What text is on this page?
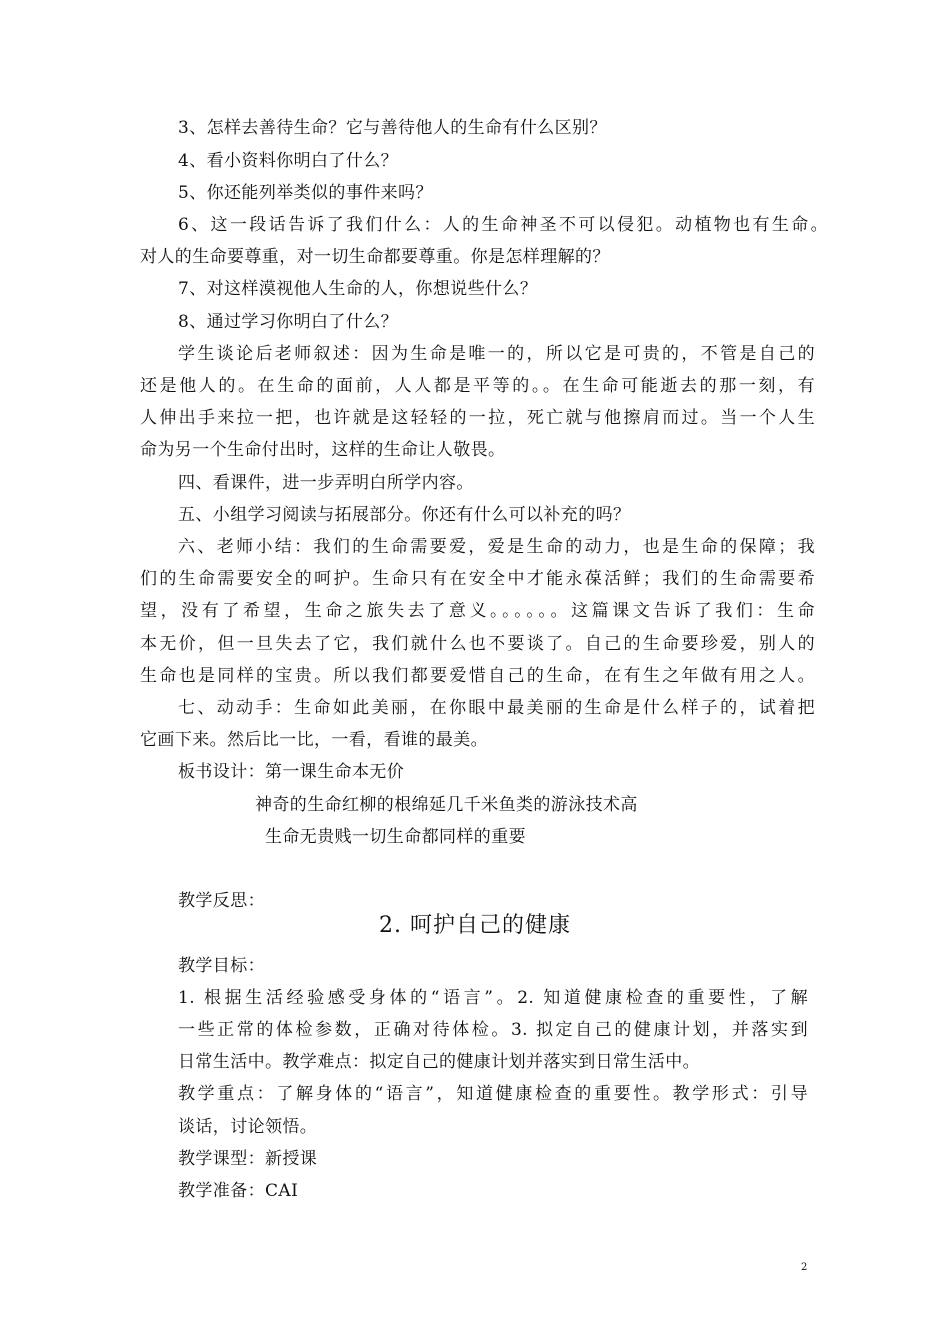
3、怎样去善待生命？它与善待他人的生命有什么区别？
4、看小资料你明白了什么？
5、你还能列举类似的事件来吗？
6、这一段话告诉了我们什么：人的生命神圣不可以侵犯。动植物也有生命。
对人的生命要尊重，对一切生命都要尊重。你是怎样理解的？
7、对这样漠视他人生命的人，你想说些什么？
8、通过学习你明白了什么？
学生谈论后老师叙述：因为生命是唯一的，所以它是可贵的，不管是自己的
还是他人的。在生命的面前，人人都是平等的。。在生命可能逝去的那一刻，有
人伸出手来拉一把，也许就是这轻轻的一拉，死亡就与他擦肩而过。当一个人生
命为另一个生命付出时，这样的生命让人敬畏。
四、看课件，进一步弄明白所学内容。
五、小组学习阅读与拓展部分。你还有什么可以补充的吗？
六、老师小结：我们的生命需要爱，爱是生命的动力，也是生命的保障；我
们的生命需要安全的呵护。生命只有在安全中才能永葆活鲜；我们的生命需要希
望，没有了希望，生命之旅失去了意义。。。。。。这篇课文告诉了我们：生命
本无价，但一旦失去了它，我们就什么也不要谈了。自己的生命要珍爱，别人的
生命也是同样的宝贵。所以我们都要爱惜自己的生命，在有生之年做有用之人。
七、动动手：生命如此美丽，在你眼中最美丽的生命是什么样子的，试着把
它画下来。然后比一比，一看，看谁的最美。
板书设计：第一课生命本无价
神奇的生命红柳的根绵延几千米鱼类的游泳技术高
生命无贵贱一切生命都同样的重要
教学反思：
2. 呵护自己的健康
教学目标：
1. 根据生活经验感受身体的“语言”。2. 知道健康检查的重要性，了解
一些正常的体检参数，正确对待体检。3. 拟定自己的健康计划，并落实到
日常生活中。教学难点：拟定自己的健康计划并落实到日常生活中。
教学重点：了解身体的“语言”，知道健康检查的重要性。教学形式：引导
谈话，讨论领悟。
教学课型：新授课
教学准备：CAI
2
